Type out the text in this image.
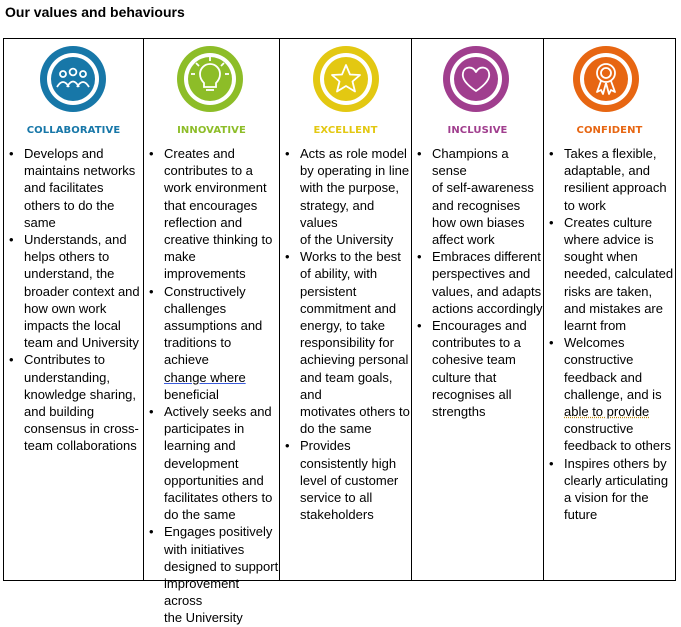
Our values and behaviours
COLLABORATIVE
• Develops and
maintains networks
and facilitates
others to do the
same
• Understands, and
helps others to
understand, the
broader context and
how own work
impacts the local
team and University
• Contributes to
understanding,
knowledge sharing,
and building
consensus in cross-
team collaborations

INNOVATIVE
• Creates and
contributes to a
work environment
that encourages
reflection and
creative thinking to
make improvements
• Constructively
challenges
assumptions and
traditions to achieve
change where
beneficial
• Actively seeks and
participates in
learning and
development
opportunities and
facilitates others to
do the same
• Engages positively
with initiatives
designed to support
improvement across
the University

EXCELLENT
• Acts as role model
by operating in line
with the purpose,
strategy, and values
of the University
• Works to the best
of ability, with
persistent
commitment and
energy, to take
responsibility for
achieving personal
and team goals, and
motivates others to
do the same
• Provides
consistently high
level of customer
service to all
stakeholders

INCLUSIVE
• Champions a sense
of self-awareness
and recognises
how own biases
affect work
• Embraces different
perspectives and
values, and adapts
actions accordingly
• Encourages and
contributes to a
cohesive team
culture that
recognises all
strengths

CONFIDENT
• Takes a flexible,
adaptable, and
resilient approach
to work
• Creates culture
where advice is
sought when
needed, calculated
risks are taken,
and mistakes are
learnt from
• Welcomes
constructive
feedback and
challenge, and is
able to provide
constructive
feedback to others
• Inspires others by
clearly articulating
a vision for the
future
